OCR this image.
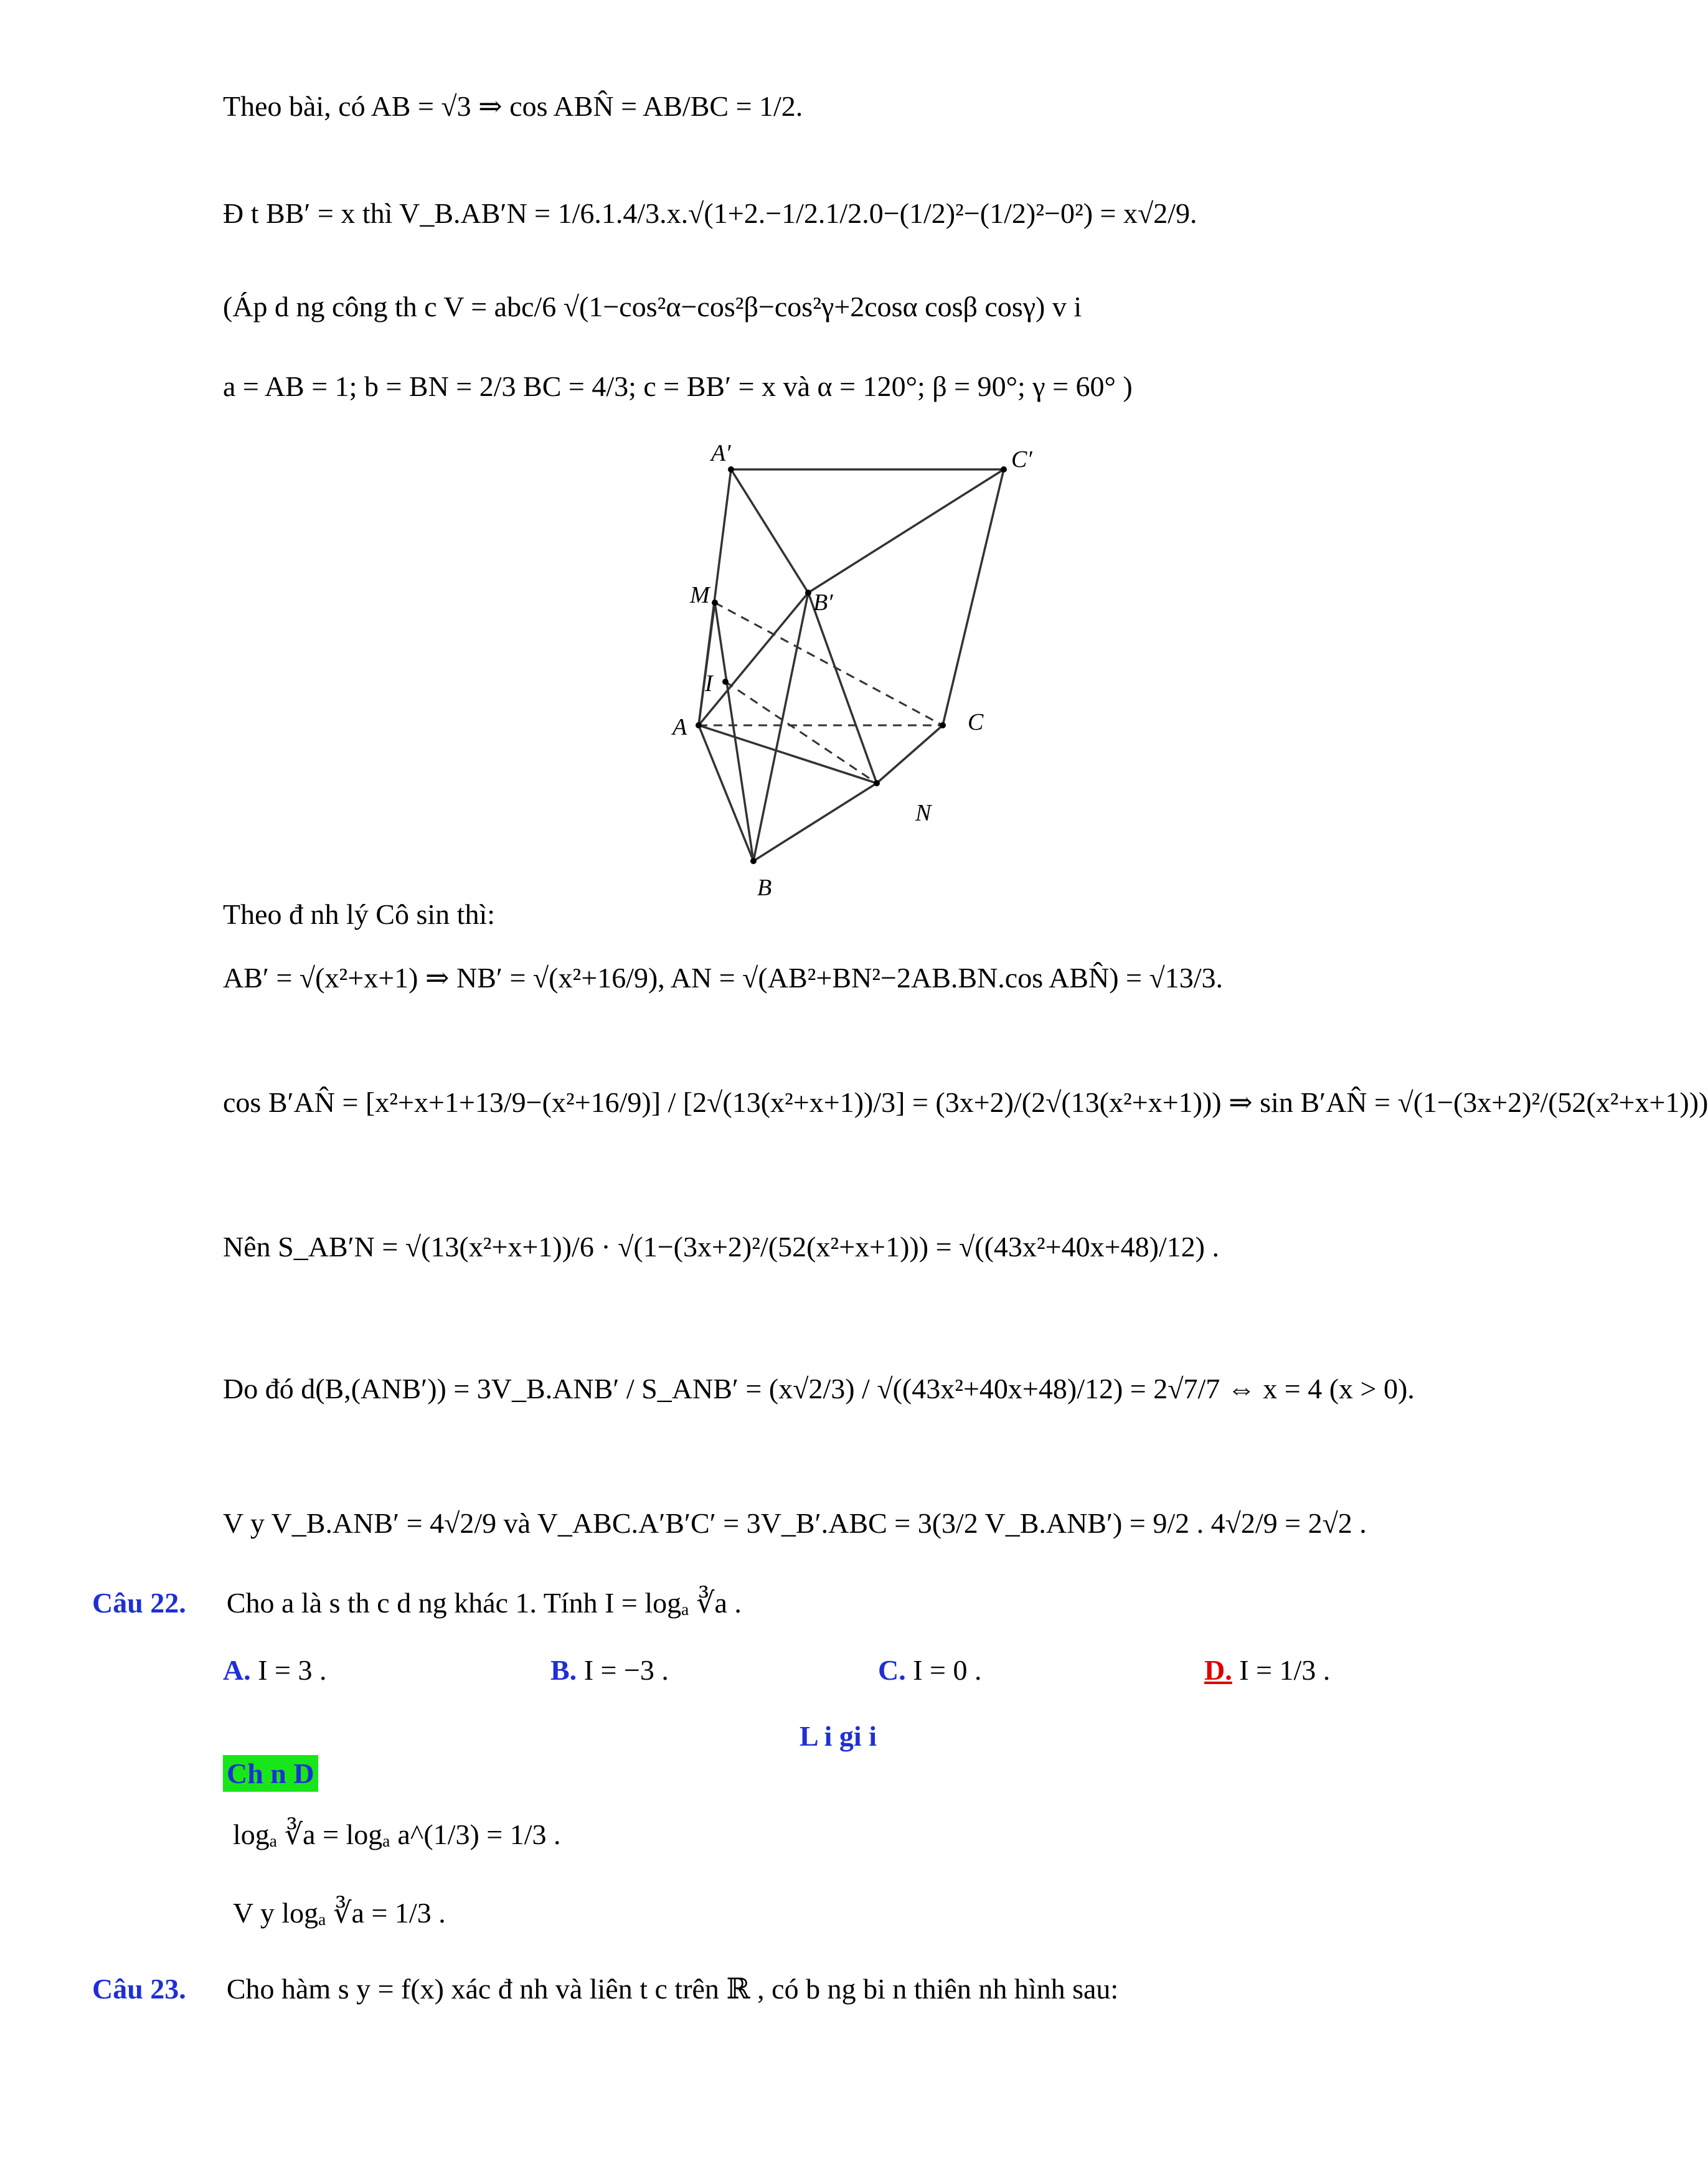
Theo bài, có AB = √3 ⇒ cos ABN̂ = AB/BC = 1/2.
Đ t BB′ = x thì V_B.AB′N = 1/6.1.4/3.x.√(1+2.−1/2.1/2.0−(1/2)²−(1/2)²−0²) = x√2/9.
(Áp d ng công th c V = abc/6 √(1−cos²α−cos²β−cos²γ+2cosα cosβ cosγ) v i
a = AB = 1; b = BN = 2/3 BC = 4/3; c = BB′ = x và α = 120°; β = 90°; γ = 60° )
A′	C′
M	B′
I
A	C
N
B
Theo đ nh lý Cô sin thì:
AB′ = √(x²+x+1) ⇒ NB′ = √(x²+16/9), AN = √(AB²+BN²−2AB.BN.cos ABN̂) = √13/3.
cos B′AN̂ = [x²+x+1+13/9−(x²+16/9)] / [2√(13(x²+x+1))/3] = (3x+2)/(2√(13(x²+x+1))) ⇒ sin B′AN̂ = √(1−(3x+2)²/(52(x²+x+1)))
Nên S_AB′N = √(13(x²+x+1))/6 · √(1−(3x+2)²/(52(x²+x+1))) = √((43x²+40x+48)/12) .
Do đó d(B,(ANB′)) = 3V_B.ANB′ / S_ANB′ = (x√2/3) / √((43x²+40x+48)/12) = 2√7/7 ⇔ x = 4 (x > 0).
V y V_B.ANB′ = 4√2/9 và V_ABC.A′B′C′ = 3V_B′.ABC = 3(3/2 V_B.ANB′) = 9/2 . 4√2/9 = 2√2 .
Câu 22. Cho a là s th c d ng khác 1. Tính I = logₐ ∛a .
A. I = 3 .	B. I = −3 .	C. I = 0 .	D. I = 1/3 .
L i gi i
Ch n D
logₐ ∛a = logₐ a^(1/3) = 1/3 .
V y logₐ ∛a = 1/3 .
Câu 23. Cho hàm s y = f(x) xác đ nh và liên t c trên ℝ , có b ng bi n thiên nh hình sau:
